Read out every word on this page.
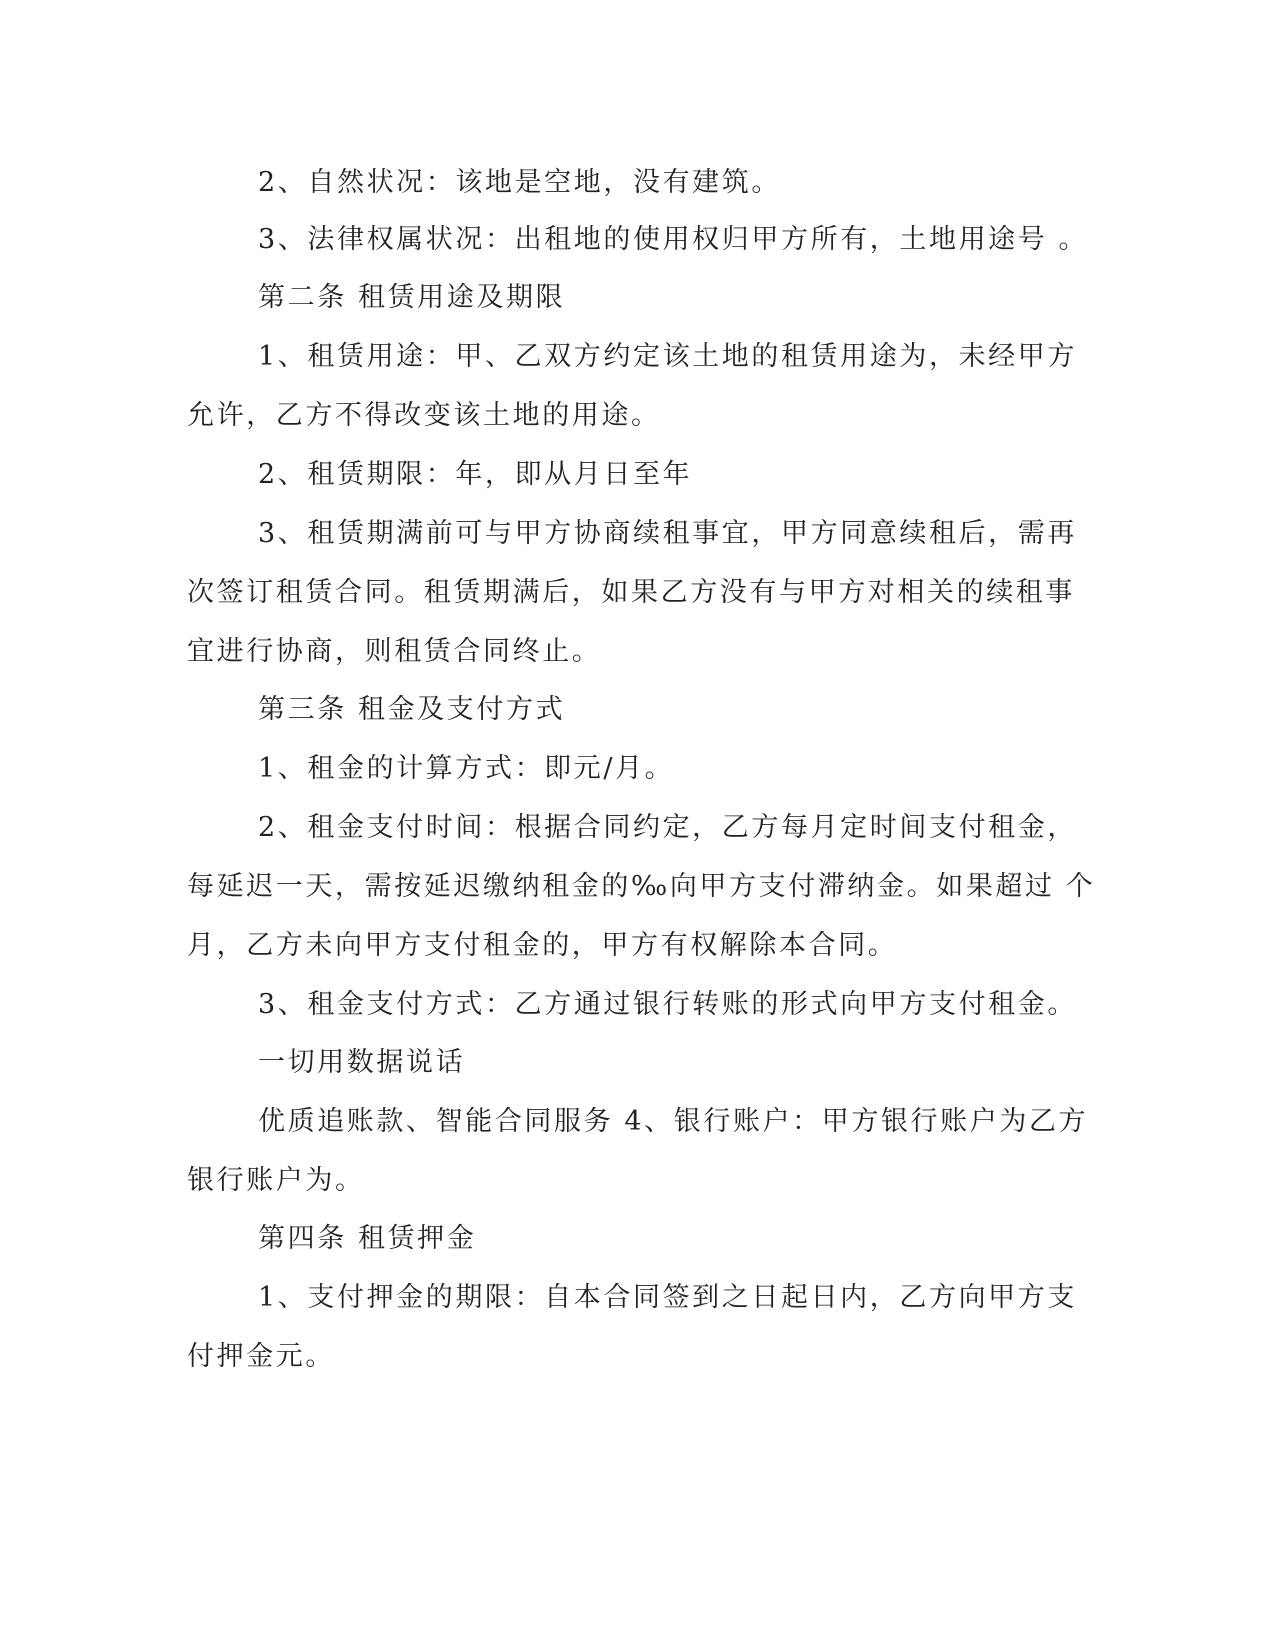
2、自然状况：该地是空地，没有建筑。

3、法律权属状况：出租地的使用权归甲方所有，土地用途号 。

第二条 租赁用途及期限

1、租赁用途：甲、乙双方约定该土地的租赁用途为，未经甲方

允许，乙方不得改变该土地的用途。

2、租赁期限：年，即从月日至年

3、租赁期满前可与甲方协商续租事宜，甲方同意续租后，需再

次签订租赁合同。租赁期满后，如果乙方没有与甲方对相关的续租事

宜进行协商，则租赁合同终止。

第三条 租金及支付方式

1、租金的计算方式：即元/月。

2、租金支付时间：根据合同约定，乙方每月定时间支付租金，

每延迟一天，需按延迟缴纳租金的‰向甲方支付滞纳金。如果超过 个

月，乙方未向甲方支付租金的，甲方有权解除本合同。

3、租金支付方式：乙方通过银行转账的形式向甲方支付租金。

一切用数据说话

优质追账款、智能合同服务 4、银行账户：甲方银行账户为乙方

银行账户为。

第四条 租赁押金

1、支付押金的期限：自本合同签到之日起日内，乙方向甲方支

付押金元。
